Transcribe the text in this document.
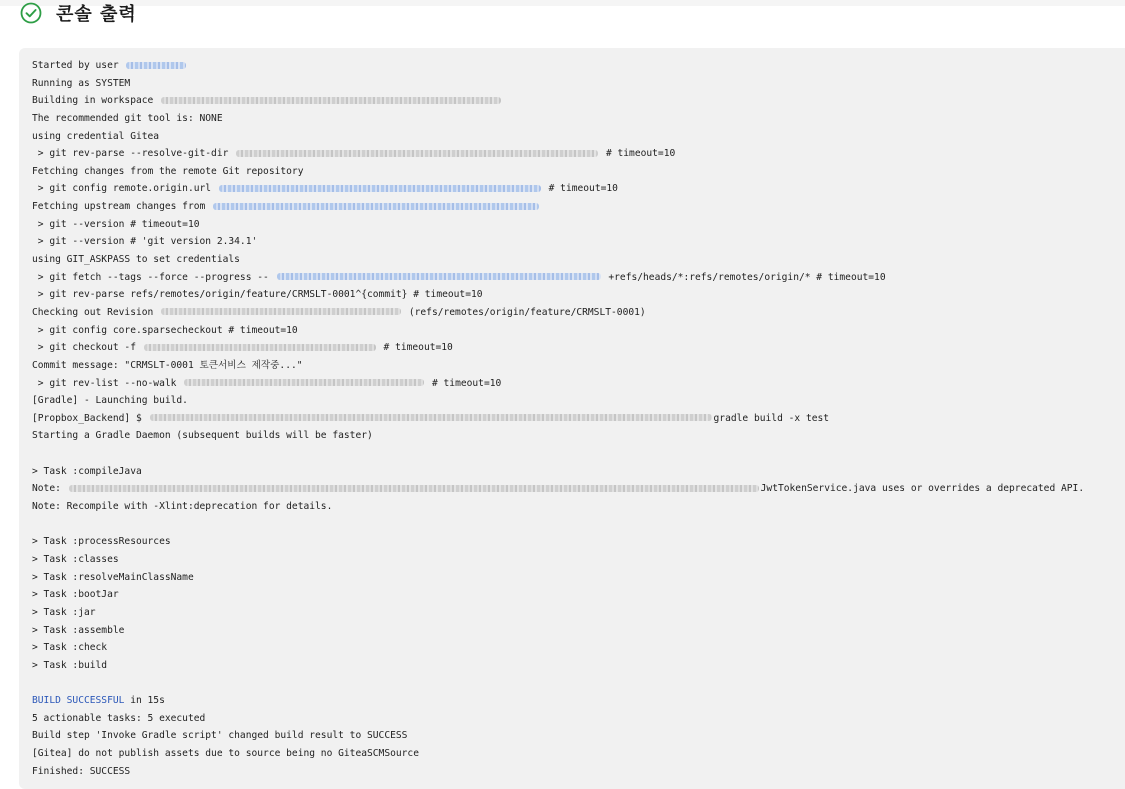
콘솔 출력
Started by user
Running as SYSTEM
Building in workspace
The recommended git tool is: NONE
using credential Gitea
> git rev-parse --resolve-git-dir	# timeout=10
Fetching changes from the remote Git repository
> git config remote.origin.url	# timeout=10
Fetching upstream changes from
> git --version # timeout=10
> git --version # 'git version 2.34.1'
using GIT_ASKPASS to set credentials
> git fetch --tags --force --progress --	+refs/heads/*:refs/remotes/origin/* # timeout=10
> git rev-parse refs/remotes/origin/feature/CRMSLT-0001^{commit} # timeout=10
Checking out Revision	(refs/remotes/origin/feature/CRMSLT-0001)
> git config core.sparsecheckout # timeout=10
> git checkout -f	# timeout=10
Commit message: "CRMSLT-0001 토큰서비스 제작중..."
> git rev-list --no-walk	# timeout=10
[Gradle] - Launching build.
[Propbox_Backend] $	gradle build -x test
Starting a Gradle Daemon (subsequent builds will be faster)

> Task :compileJava
Note:	JwtTokenService.java uses or overrides a deprecated API.
Note: Recompile with -Xlint:deprecation for details.

> Task :processResources
> Task :classes
> Task :resolveMainClassName
> Task :bootJar
> Task :jar
> Task :assemble
> Task :check
> Task :build

BUILD SUCCESSFUL in 15s
5 actionable tasks: 5 executed
Build step 'Invoke Gradle script' changed build result to SUCCESS
[Gitea] do not publish assets due to source being no GiteaSCMSource
Finished: SUCCESS
